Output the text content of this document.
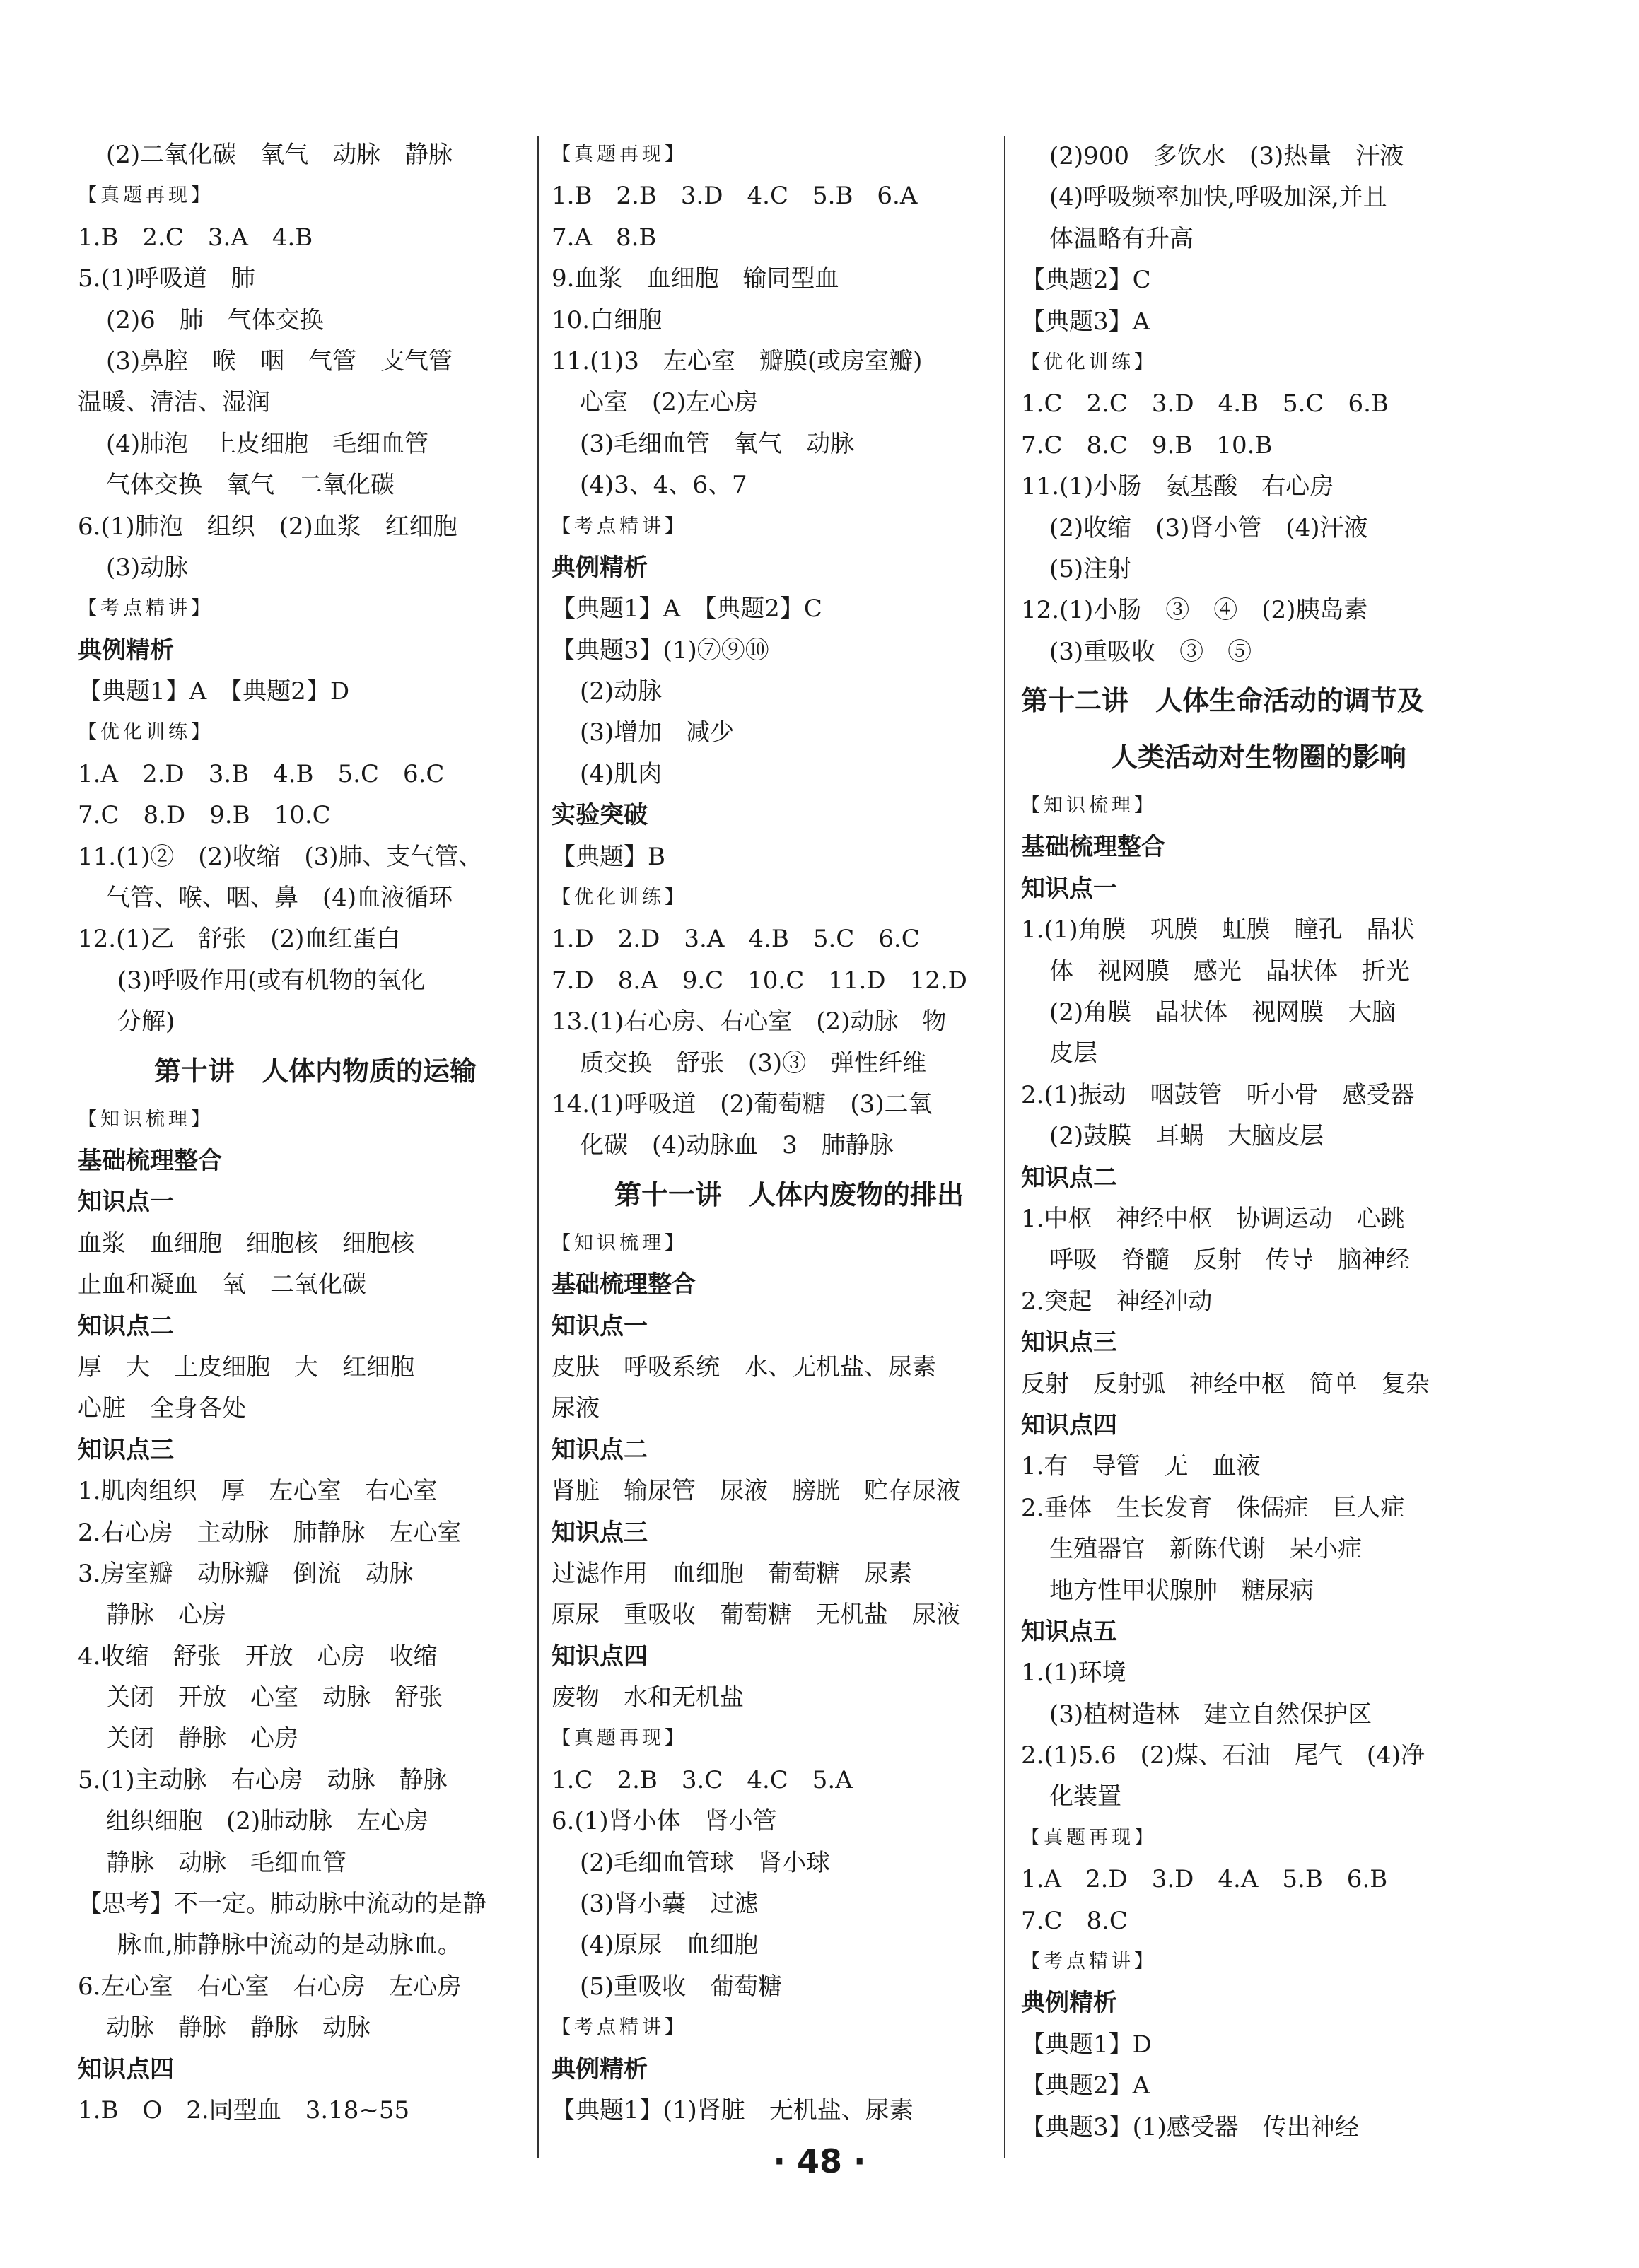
(2)二氧化碳　氧气　动脉　静脉
【真题再现】
1.B　2.C　3.A　4.B
5.(1)呼吸道　肺
(2)6　肺　气体交换
(3)鼻腔　喉　咽　气管　支气管
温暖、清洁、湿润
(4)肺泡　上皮细胞　毛细血管
气体交换　氧气　二氧化碳
6.(1)肺泡　组织　(2)血浆　红细胞
(3)动脉
【考点精讲】
典例精析
【典题1】A　【典题2】D
【优化训练】
1.A　2.D　3.B　4.B　5.C　6.C
7.C　8.D　9.B　10.C
11.(1)②　(2)收缩　(3)肺、支气管、
气管、喉、咽、鼻　(4)血液循环
12.(1)乙　舒张　(2)血红蛋白
(3)呼吸作用(或有机物的氧化
分解)
第十讲　人体内物质的运输
【知识梳理】
基础梳理整合
知识点一
血浆　血细胞　细胞核　细胞核
止血和凝血　氧　二氧化碳
知识点二
厚　大　上皮细胞　大　红细胞
心脏　全身各处
知识点三
1.肌肉组织　厚　左心室　右心室
2.右心房　主动脉　肺静脉　左心室
3.房室瓣　动脉瓣　倒流　动脉
静脉　心房
4.收缩　舒张　开放　心房　收缩
关闭　开放　心室　动脉　舒张
关闭　静脉　心房
5.(1)主动脉　右心房　动脉　静脉
组织细胞　(2)肺动脉　左心房
静脉　动脉　毛细血管
【思考】不一定。肺动脉中流动的是静
脉血,肺静脉中流动的是动脉血。
6.左心室　右心室　右心房　左心房
动脉　静脉　静脉　动脉
知识点四
1.B　O　2.同型血　3.18~55
【真题再现】
1.B　2.B　3.D　4.C　5.B　6.A
7.A　8.B
9.血浆　血细胞　输同型血
10.白细胞
11.(1)3　左心室　瓣膜(或房室瓣)
心室　(2)左心房
(3)毛细血管　氧气　动脉
(4)3、4、6、7
【考点精讲】
典例精析
【典题1】A　【典题2】C
【典题3】(1)⑦⑨⑩
(2)动脉
(3)增加　减少
(4)肌肉
实验突破
【典题】B
【优化训练】
1.D　2.D　3.A　4.B　5.C　6.C
7.D　8.A　9.C　10.C　11.D　12.D
13.(1)右心房、右心室　(2)动脉　物
质交换　舒张　(3)③　弹性纤维
14.(1)呼吸道　(2)葡萄糖　(3)二氧
化碳　(4)动脉血　3　肺静脉
第十一讲　人体内废物的排出
【知识梳理】
基础梳理整合
知识点一
皮肤　呼吸系统　水、无机盐、尿素
尿液
知识点二
肾脏　输尿管　尿液　膀胱　贮存尿液
知识点三
过滤作用　血细胞　葡萄糖　尿素
原尿　重吸收　葡萄糖　无机盐　尿液
知识点四
废物　水和无机盐
【真题再现】
1.C　2.B　3.C　4.C　5.A
6.(1)肾小体　肾小管
(2)毛细血管球　肾小球
(3)肾小囊　过滤
(4)原尿　血细胞
(5)重吸收　葡萄糖
【考点精讲】
典例精析
【典题1】(1)肾脏　无机盐、尿素
(2)900　多饮水　(3)热量　汗液
(4)呼吸频率加快,呼吸加深,并且
体温略有升高
【典题2】C
【典题3】A
【优化训练】
1.C　2.C　3.D　4.B　5.C　6.B
7.C　8.C　9.B　10.B
11.(1)小肠　氨基酸　右心房
(2)收缩　(3)肾小管　(4)汗液
(5)注射
12.(1)小肠　③　④　(2)胰岛素
(3)重吸收　③　⑤
第十二讲　人体生命活动的调节及
人类活动对生物圈的影响
【知识梳理】
基础梳理整合
知识点一
1.(1)角膜　巩膜　虹膜　瞳孔　晶状
体　视网膜　感光　晶状体　折光
(2)角膜　晶状体　视网膜　大脑
皮层
2.(1)振动　咽鼓管　听小骨　感受器
(2)鼓膜　耳蜗　大脑皮层
知识点二
1.中枢　神经中枢　协调运动　心跳
呼吸　脊髓　反射　传导　脑神经
2.突起　神经冲动
知识点三
反射　反射弧　神经中枢　简单　复杂
知识点四
1.有　导管　无　血液
2.垂体　生长发育　侏儒症　巨人症
生殖器官　新陈代谢　呆小症
地方性甲状腺肿　糖尿病
知识点五
1.(1)环境
(3)植树造林　建立自然保护区
2.(1)5.6　(2)煤、石油　尾气　(4)净
化装置
【真题再现】
1.A　2.D　3.D　4.A　5.B　6.B
7.C　8.C
【考点精讲】
典例精析
【典题1】D
【典题2】A
【典题3】(1)感受器　传出神经
· 48 ·
